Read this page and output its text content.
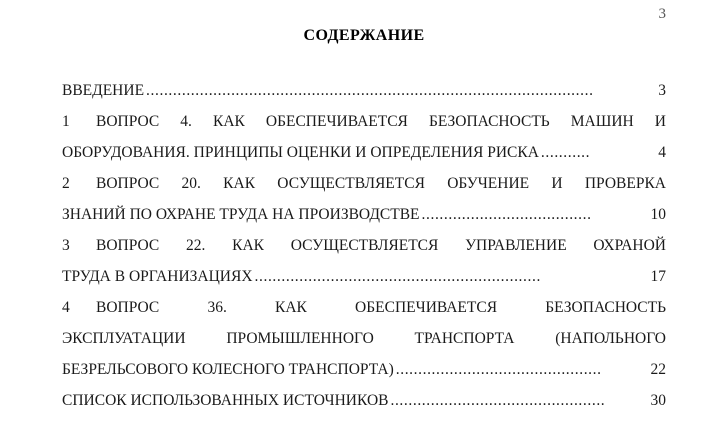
3
СОДЕРЖАНИЕ
ВВЕДЕНИЕ ....................................................................................................	3
1	ВОПРОС 4. КАК ОБЕСПЕЧИВАЕТСЯ БЕЗОПАСНОСТЬ МАШИН И
ОБОРУДОВАНИЯ. ПРИНЦИПЫ ОЦЕНКИ И ОПРЕДЕЛЕНИЯ РИСКА ...........	4
2	ВОПРОС 20. КАК ОСУЩЕСТВЛЯЕТСЯ ОБУЧЕНИЕ И ПРОВЕРКА
ЗНАНИЙ ПО ОХРАНЕ ТРУДА НА ПРОИЗВОДСТВЕ ......................................	10
3	ВОПРОС 22. КАК ОСУЩЕСТВЛЯЕТСЯ УПРАВЛЕНИЕ ОХРАНОЙ
ТРУДА В ОРГАНИЗАЦИЯХ ................................................................	17
4	ВОПРОС 36. КАК ОБЕСПЕЧИВАЕТСЯ БЕЗОПАСНОСТЬ
ЭКСПЛУАТАЦИИ ПРОМЫШЛЕННОГО ТРАНСПОРТА (НАПОЛЬНОГО
БЕЗРЕЛЬСОВОГО КОЛЕСНОГО ТРАНСПОРТА) ..............................................	22
СПИСОК ИСПОЛЬЗОВАННЫХ ИСТОЧНИКОВ ................................................	30
